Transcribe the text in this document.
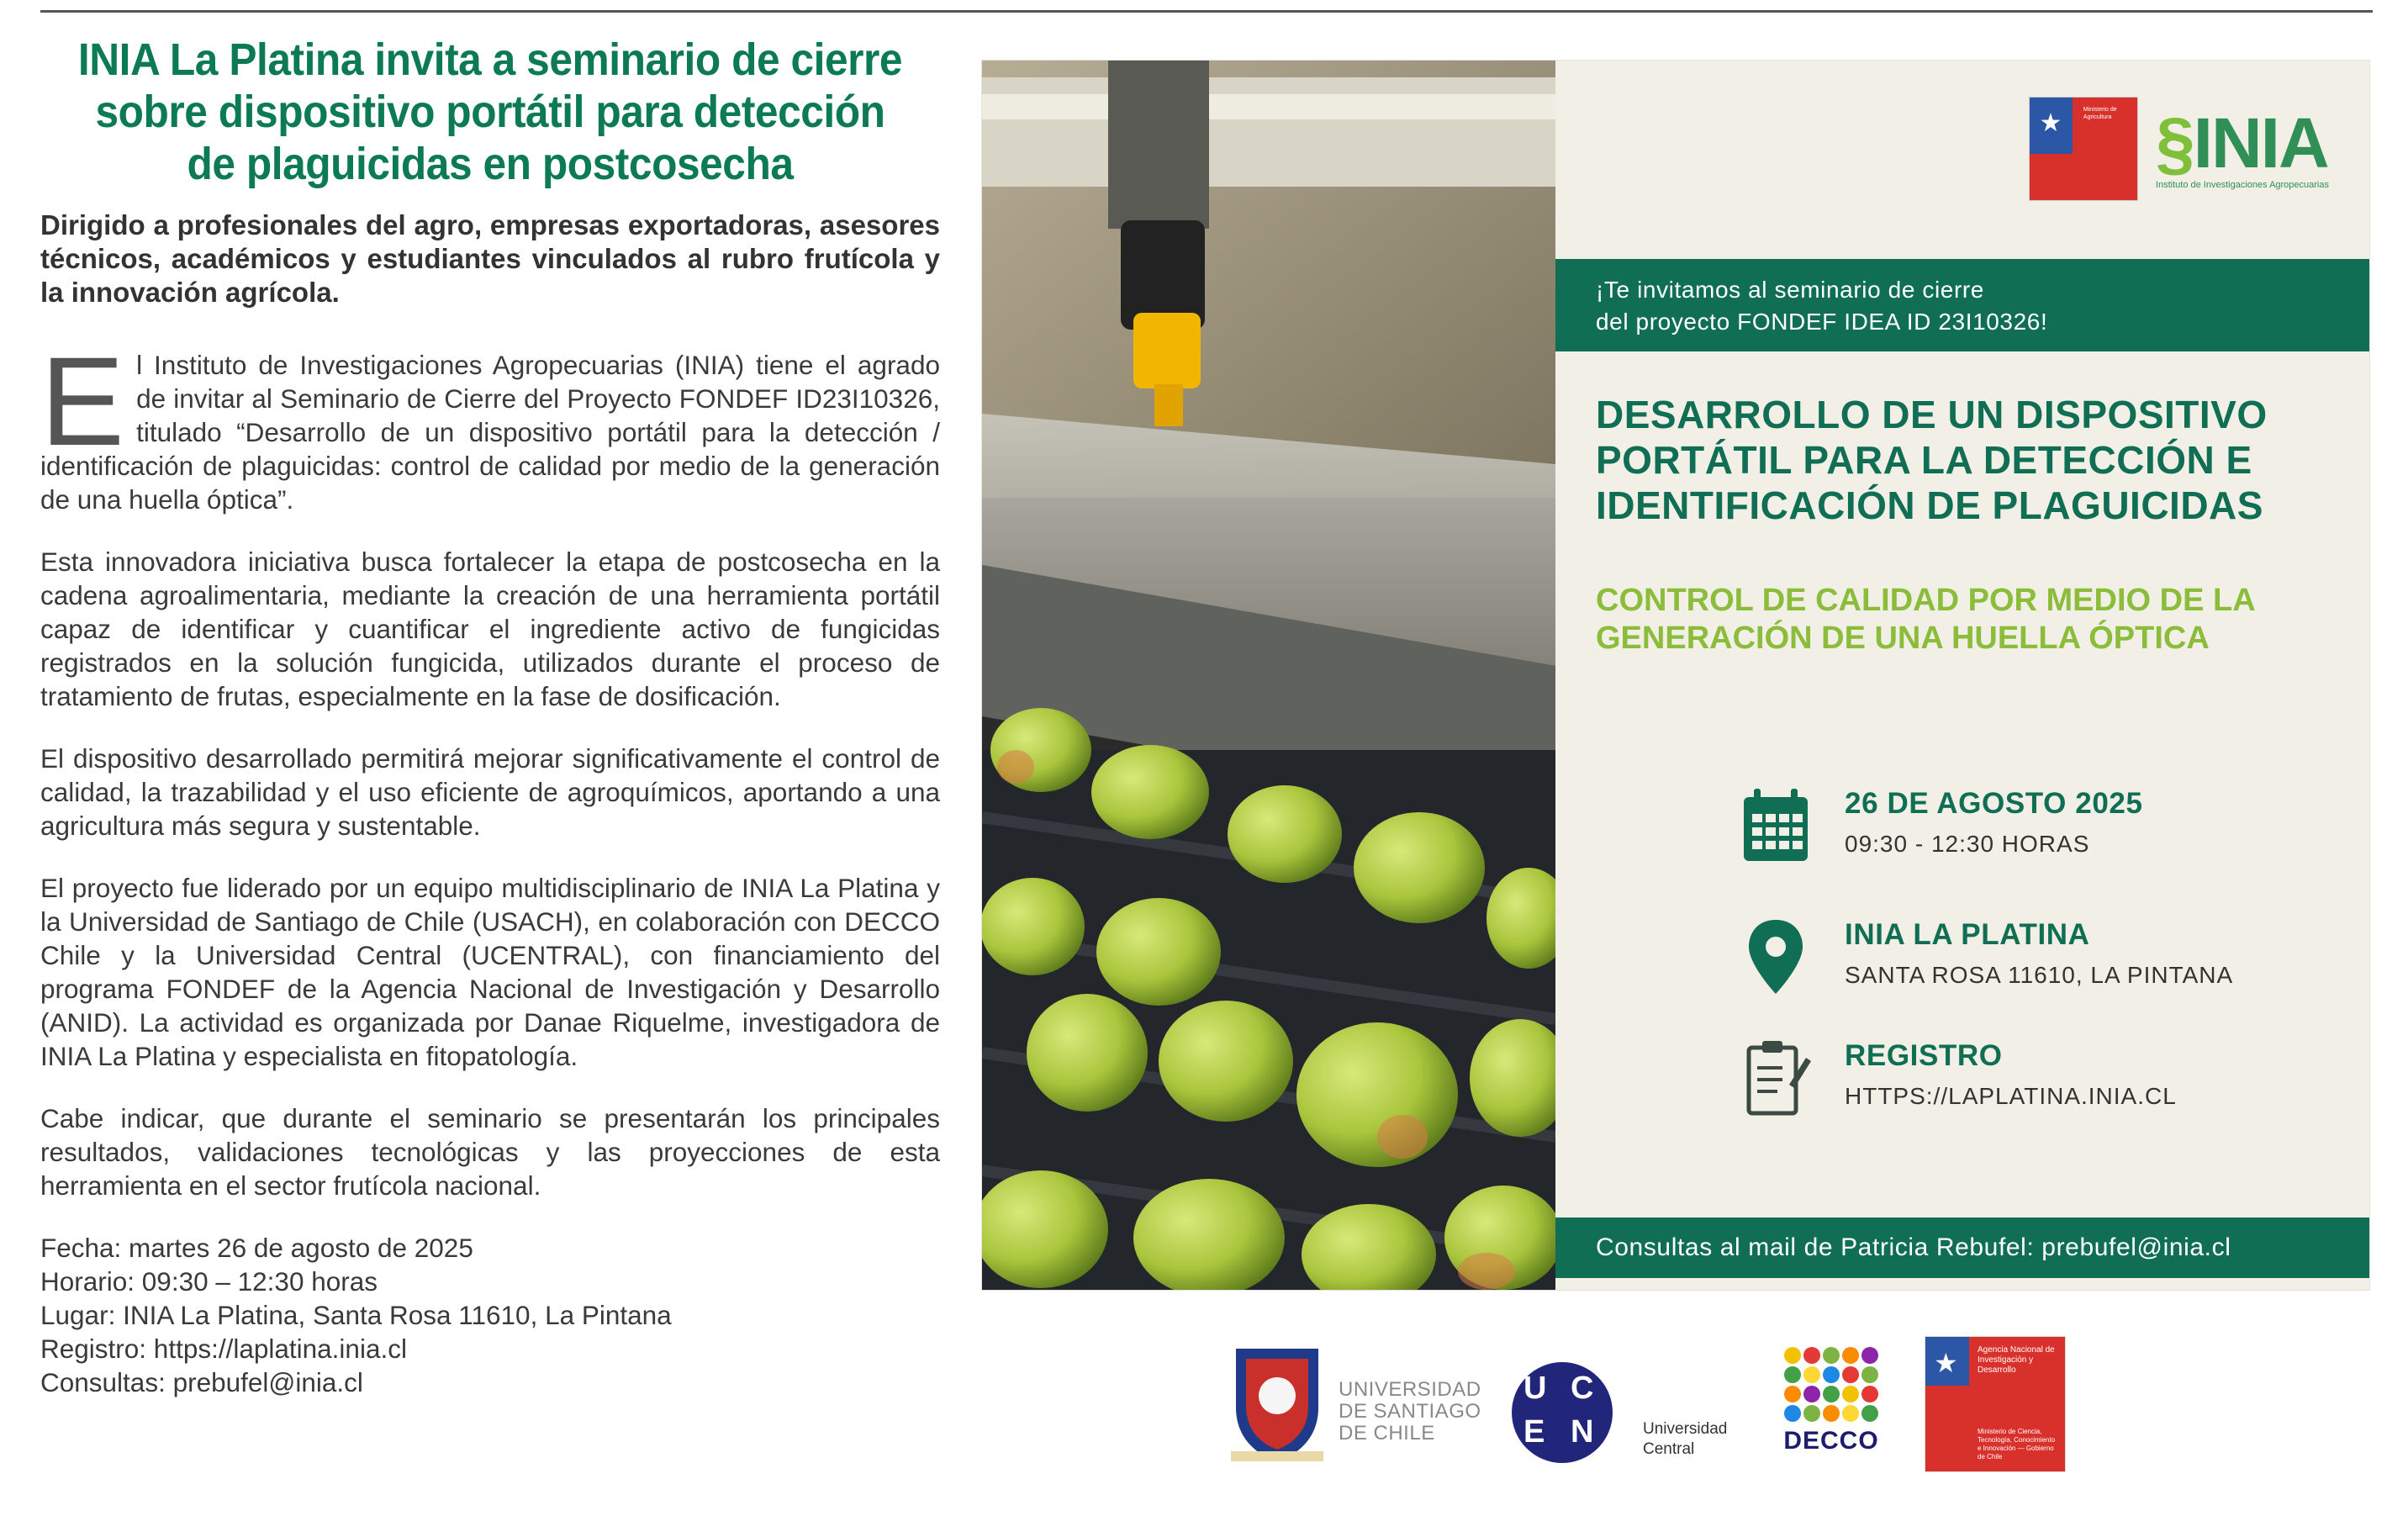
INIA La Platina invita a seminario de cierre sobre dispositivo portátil para detección de plaguicidas en postcosecha

Dirigido a profesionales del agro, empresas exportadoras, asesores técnicos, académicos y estudiantes vinculados al rubro frutícola y la innovación agrícola.

El Instituto de Investigaciones Agropecuarias (INIA) tiene el agrado de invitar al Seminario de Cierre del Proyecto FONDEF ID23I10326, titulado “Desarrollo de un dispositivo portátil para la detección / identificación de plaguicidas: control de calidad por medio de la generación de una huella óptica”.

Esta innovadora iniciativa busca fortalecer la etapa de postcosecha en la cadena agroalimentaria, mediante la creación de una herramienta portátil capaz de identificar y cuantificar el ingrediente activo de fungicidas registrados en la solución fungicida, utilizados durante el proceso de tratamiento de frutas, especialmente en la fase de dosificación.

El dispositivo desarrollado permitirá mejorar significativamente el control de calidad, la trazabilidad y el uso eficiente de agroquímicos, aportando a una agricultura más segura y sustentable.

El proyecto fue liderado por un equipo multidisciplinario de INIA La Platina y la Universidad de Santiago de Chile (USACH), en colaboración con DECCO Chile y la Universidad Central (UCENTRAL), con financiamiento del programa FONDEF de la Agencia Nacional de Investigación y Desarrollo (ANID). La actividad es organizada por Danae Riquelme, investigadora de INIA La Platina y especialista en fitopatología.

Cabe indicar, que durante el seminario se presentarán los principales resultados, validaciones tecnológicas y las proyecciones de esta herramienta en el sector frutícola nacional.

Fecha: martes 26 de agosto de 2025
Horario: 09:30 – 12:30 horas
Lugar: INIA La Platina, Santa Rosa 11610, La Pintana
Registro: https://laplatina.inia.cl
Consultas: prebufel@inia.cl
★	Ministerio de Agricultura §INIA
Instituto de Investigaciones Agropecuarias

¡Te invitamos al seminario de cierre
del proyecto FONDEF IDEA ID 23I10326!

DESARROLLO DE UN DISPOSITIVO PORTÁTIL PARA LA DETECCIÓN E IDENTIFICACIÓN DE PLAGUICIDAS
CONTROL DE CALIDAD POR MEDIO DE LA GENERACIÓN DE UNA HUELLA ÓPTICA
26 DE AGOSTO 2025
09:30 - 12:30 HORAS
INIA LA PLATINA
SANTA ROSA 11610, LA PINTANA
REGISTRO
HTTPS://LAPLATINA.INIA.CL

Consultas al mail de Patricia Rebufel: prebufel@inia.cl

UNIVERSIDAD DE SANTIAGO DE CHILE
U C
E N	Universidad
Central	DECCO
★ Agencia Nacional de Investigación y Desarrollo
Ministerio de Ciencia, Tecnología, Conocimiento e Innovación — Gobierno de Chile
